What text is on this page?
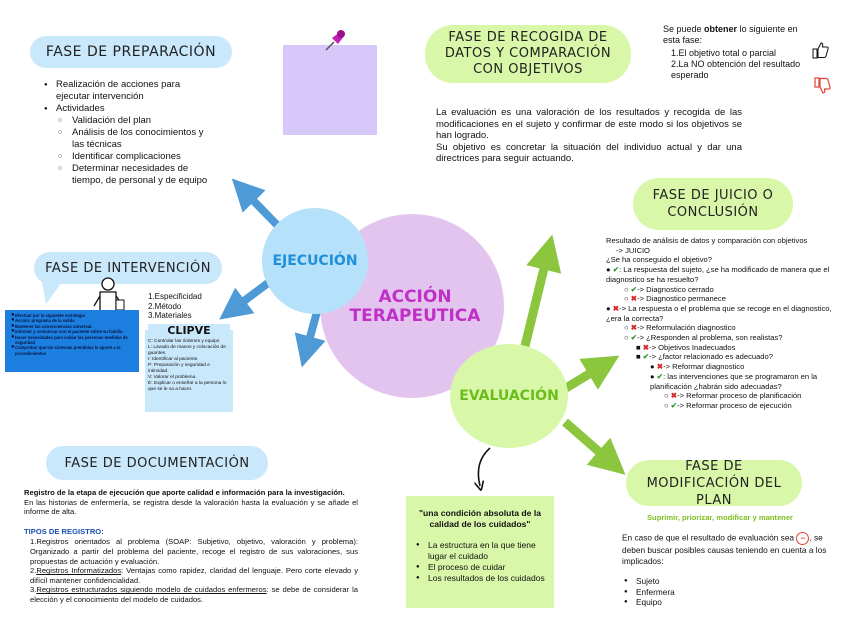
FASE DE PREPARACIÓN
● Realización de acciones para ejecutar intervención
● Actividades
○ Validación del plan
○ Análisis de los conocimientos y las técnicas
○ Identificar complicaciones
○ Determinar necesidades de tiempo, de personal y de equipo
FASE DE RECOGIDA DE DATOS Y COMPARACIÓN CON OBJETIVOS
Se puede obtener lo siguiente en esta fase:
1.El objetivo total o parcial
2.La NO obtención del resultado esperado
La evaluación es una valoración de los resultados y recogida de las modificaciones en el sujeto y confirmar de este modo si los objetivos se han logrado.
Su objetivo es concretar la situación del individuo actual y dar una directrices para seguir actuando.
FASE DE JUICIO O CONCLUSIÓN
Resultado de análisis de datos y comparación con objetivos
-> JUICIO
¿Se ha conseguido el objetivo?
● ✔: La respuesta del sujeto, ¿se ha modificado de manera que el diagnostico se ha resuelto?
○ ✔-> Diagnostico cerrado
○ ✖-> Diagnostico permanece
● ✖-> La respuesta o el problema que se recoge en el diagnostico, ¿era la correcta?
○ ✖-> Reformulación diagnostico
○ ✔-> ¿Responden al problema, son realistas?
■ ✖-> Objetivos Inadecuados
■ ✔-> ¿factor relacionado es adecuado?
● ✖-> Reformar diagnostico
● ✔: las intervenciones que se programaron en la planificación ¿habrán sido adecuadas?
○ ✖-> Reformar proceso de planificación
○ ✔-> Reformar proceso de ejecución
FASE DE INTERVENCIÓN
● Efectuar por la siguiente estrategia
● Acción: programa de la salida
● Mantener las consecuencias universal.
● Informar y comunicar con el paciente sobre su familia
● Hacer necesidades para cuidar las personas medidas de seguridad
● Comprobar que los sistemas prendidas le aporte a la procedimientos
1.Especificidad
2.Método
3.Materiales
CLIPVE
C: Controlar las órdenes y equipo
L: Lavado de manos y colocación de guantes.
I: Identificar al paciente.
P: Preparación y seguridad e intimidad.
V: Valorar el problema.
E: Explicar o enseñar a la persona lo que se le va a hacer.
EJECUCIÓN
ACCIÓN
TERAPEUTICA
EVALUACIÓN
FASE DE DOCUMENTACIÓN
Registro de la etapa de ejecución que aporte calidad e información para la investigación.
En las historias de enfermería, se registra desde la valoración hasta la evaluación y se añade el informe de alta.
TIPOS DE REGISTRO:
1.Registros orientados al problema (SOAP: Subjetivo, objetivo, valoración y problema): Organizado a partir del problema del paciente, recoge el registro de sus valoraciones, sus propuestas de actuación y evaluación.
2.Registros Informatizados: Ventajas como rapidez, claridad del lenguaje. Pero corte elevado y difícil mantener confidencialidad.
3.Registros estructurados siguiendo modelo de cuidados enfermeros: se debe de considerar la elección y el conocimiento del modelo de cuidados.
"una condición absoluta de la calidad de los cuidados"
● La estructura en la que tiene lugar el cuidado
● El proceso de cuidar
● Los resultados de los cuidados
FASE DE MODIFICACIÓN DEL PLAN
Suprimir, priorizar, modificar y mantener
En caso de que el resultado de evaluación sea − , se deben buscar posibles causas teniendo en cuenta a los implicados:
● Sujeto
● Enfermera
● Equipo
